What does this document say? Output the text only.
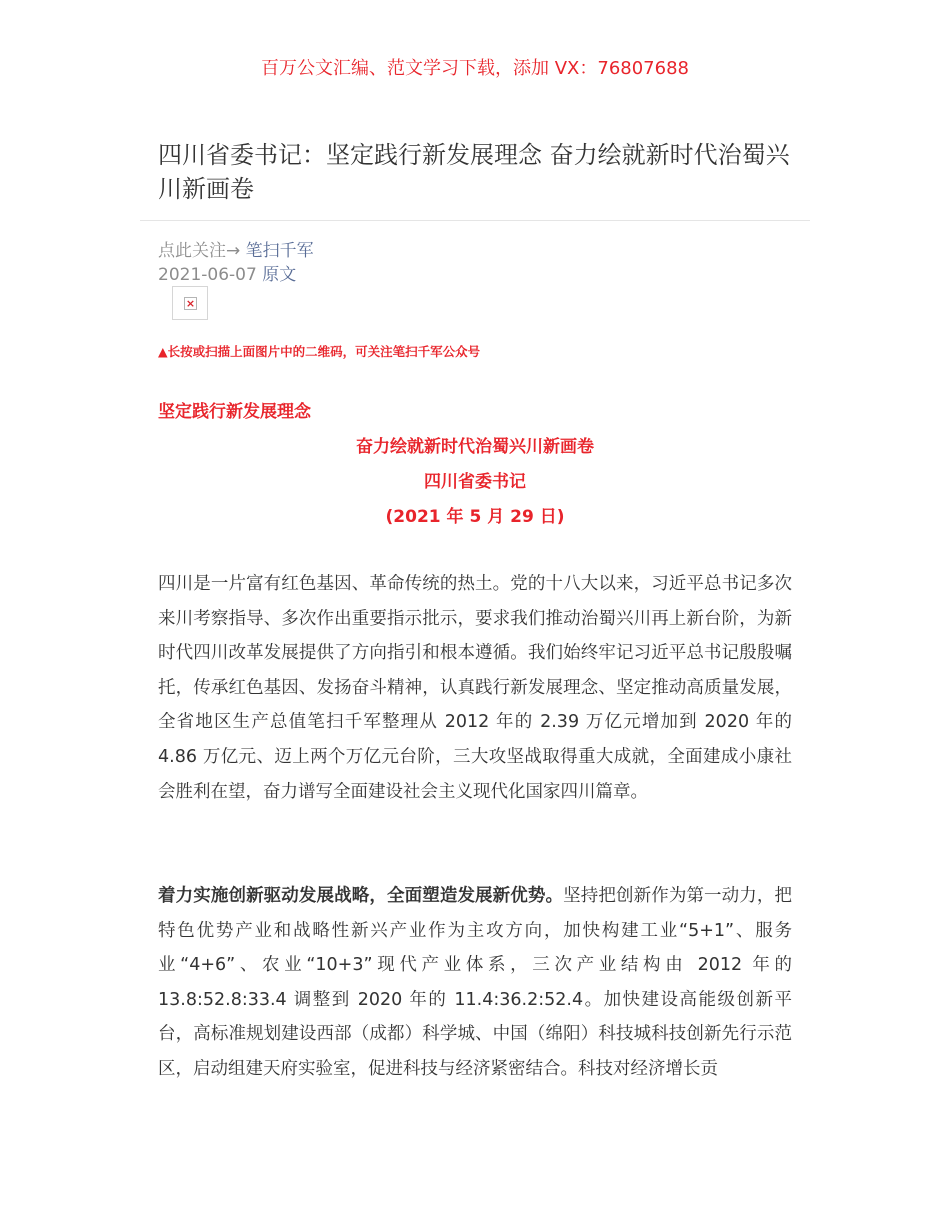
百万公文汇编、范文学习下载，添加 VX：76807688
四川省委书记：坚定践行新发展理念 奋力绘就新时代治蜀兴川新画卷
点此关注→ 笔扫千军
2021-06-07 原文
×
▲长按或扫描上面图片中的二维码，可关注笔扫千军公众号
坚定践行新发展理念
奋力绘就新时代治蜀兴川新画卷
四川省委书记
(2021 年 5 月 29 日)

四川是一片富有红色基因、革命传统的热土。党的十八大以来，习近平总书记多次来川考察指导、多次作出重要指示批示，要求我们推动治蜀兴川再上新台阶，为新时代四川改革发展提供了方向指引和根本遵循。我们始终牢记习近平总书记殷殷嘱托，传承红色基因、发扬奋斗精神，认真践行新发展理念、坚定推动高质量发展，全省地区生产总值笔扫千军整理从 2012 年的 2.39 万亿元增加到 2020 年的 4.86 万亿元、迈上两个万亿元台阶，三大攻坚战取得重大成就，全面建成小康社会胜利在望，奋力谱写全面建设社会主义现代化国家四川篇章。

着力实施创新驱动发展战略，全面塑造发展新优势。坚持把创新作为第一动力，把特色优势产业和战略性新兴产业作为主攻方向，加快构建工业“5+1”、服务业“4+6”、农业“10+3”现代产业体系，三次产业结构由 2012 年的13.8:52.8:33.4 调整到 2020 年的 11.4:36.2:52.4。加快建设高能级创新平台，高标准规划建设西部（成都）科学城、中国（绵阳）科技城科技创新先行示范区，启动组建天府实验室，促进科技与经济紧密结合。科技对经济增长贡
